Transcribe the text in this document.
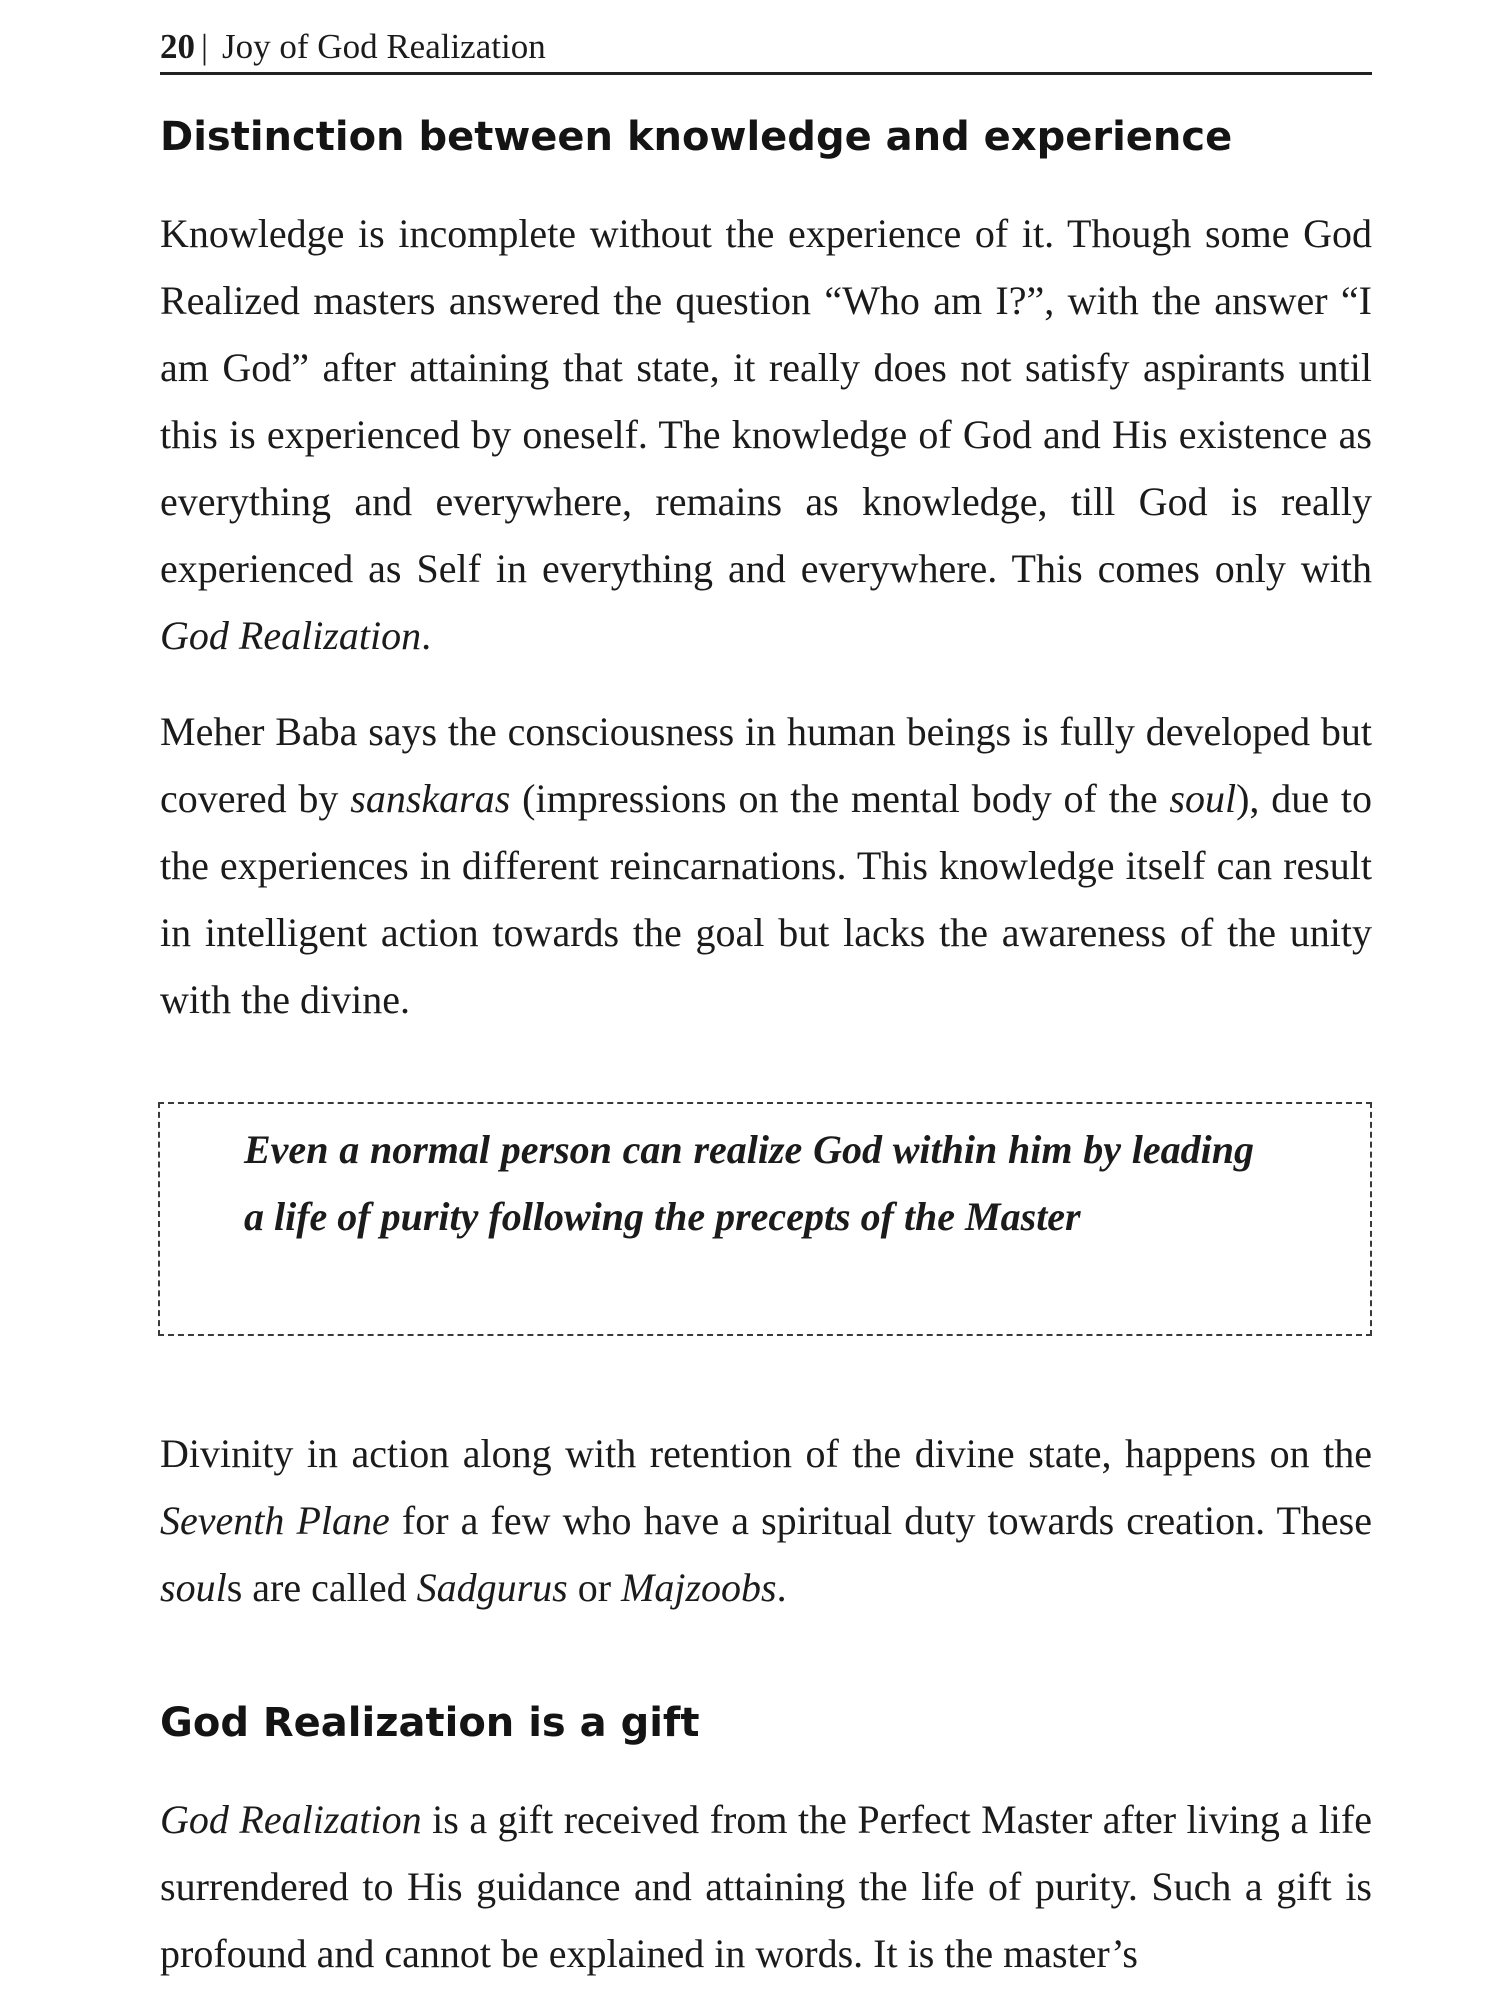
20 | Joy of God Realization
Distinction between knowledge and experience

Knowledge is incomplete without the experience of it. Though some God Realized masters answered the question “Who am I?”, with the answer “I am God” after attaining that state, it really does not satisfy aspirants until this is experienced by oneself. The knowledge of God and His existence as everything and everywhere, remains as knowledge, till God is really experienced as Self in everything and everywhere. This comes only with God Realization.

Meher Baba says the consciousness in human beings is fully developed but covered by sanskaras (impressions on the mental body of the soul), due to the experiences in different reincarnations. This knowledge itself can result in intelligent action towards the goal but lacks the awareness of the unity with the divine.

Even a normal person can realize God within him by leading a life of purity following the precepts of the Master

Divinity in action along with retention of the divine state, happens on the Seventh Plane for a few who have a spiritual duty towards creation. These souls are called Sadgurus or Majzoobs.

God Realization is a gift

God Realization is a gift received from the Perfect Master after living a life surrendered to His guidance and attaining the life of purity. Such a gift is profound and cannot be explained in words. It is the master’s
